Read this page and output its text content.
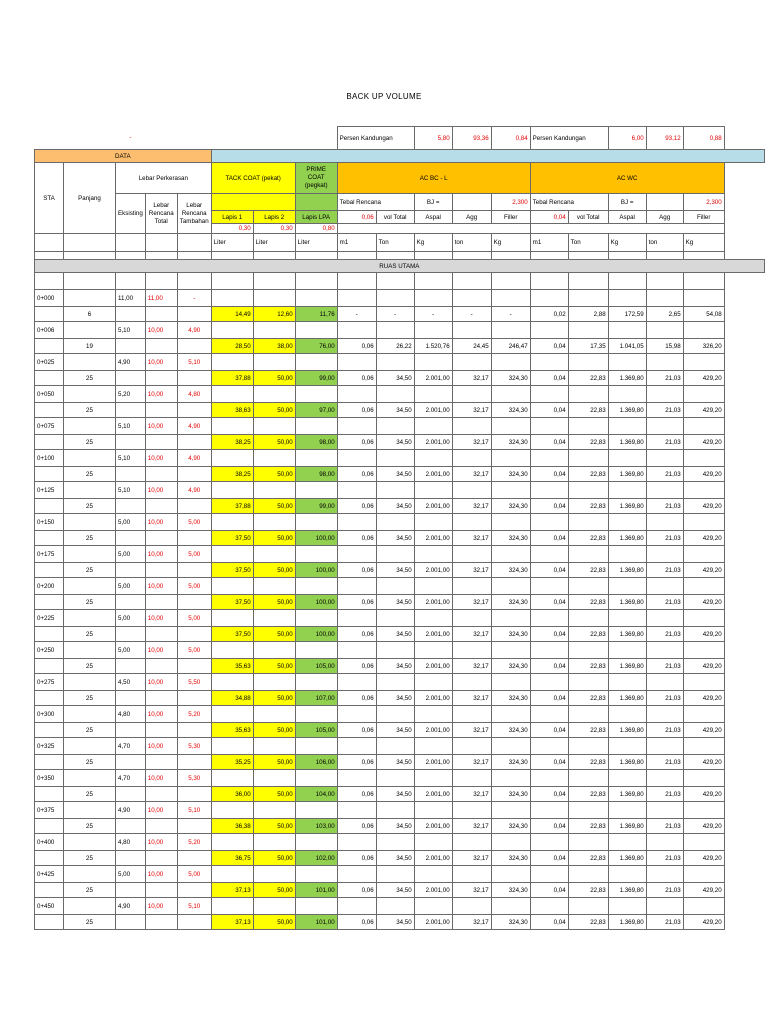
BACK UP VOLUME
		-						Persen Kandungan		5,80	93,36	0,84	Persen Kandungan		6,00	93,12	0,88	
DATA																		
STA	Panjang	Lebar Perkerasan			TACK COAT (pekat)		PRIME COAT (pegkat)	AC BC - L					AC WC					
		Eksisting	Lebar Rencana Total	Lebar Rencana Tambahan				Tebal Rencana		BJ =		2,300	Tebal Rencana		BJ =		2,300	
					Lapis 1	Lapis 2	Lapis LPA	0,06	vol Total	Aspal	Agg	Filler	0,04	vol Total	Aspal	Agg	Filler	
					0,30	0,30	0,80											
					Liter	Liter	Liter	m1	Ton	Kg	ton	Kg	m1	Ton	Kg	ton	Kg	

RUAS UTAMA																		

0+000		11,00	11,00	-														
	6				14,49	12,60	11,76	-	-	-	-	-	0,02	2,88	172,59	2,65	54,08	
0+006		5,10	10,00	4,90														
	19				28,50	38,00	76,00	0,06	26,22	1.520,76	24,45	246,47	0,04	17,35	1.041,05	15,98	326,20	
0+025		4,90	10,00	5,10														
	25				37,88	50,00	99,00	0,06	34,50	2.001,00	32,17	324,30	0,04	22,83	1.369,80	21,03	429,20	
0+050		5,20	10,00	4,80														
	25				38,63	50,00	97,00	0,06	34,50	2.001,00	32,17	324,30	0,04	22,83	1.369,80	21,03	429,20	
0+075		5,10	10,00	4,90														
	25				38,25	50,00	98,00	0,06	34,50	2.001,00	32,17	324,30	0,04	22,83	1.369,80	21,03	429,20	
0+100		5,10	10,00	4,90														
	25				38,25	50,00	98,00	0,06	34,50	2.001,00	32,17	324,30	0,04	22,83	1.369,80	21,03	429,20	
0+125		5,10	10,00	4,90														
	25				37,88	50,00	99,00	0,06	34,50	2.001,00	32,17	324,30	0,04	22,83	1.369,80	21,03	429,20	
0+150		5,00	10,00	5,00														
	25				37,50	50,00	100,00	0,06	34,50	2.001,00	32,17	324,30	0,04	22,83	1.369,80	21,03	429,20	
0+175		5,00	10,00	5,00														
	25				37,50	50,00	100,00	0,06	34,50	2.001,00	32,17	324,30	0,04	22,83	1.369,80	21,03	429,20	
0+200		5,00	10,00	5,00														
	25				37,50	50,00	100,00	0,06	34,50	2.001,00	32,17	324,30	0,04	22,83	1.369,80	21,03	429,20	
0+225		5,00	10,00	5,00														
	25				37,50	50,00	100,00	0,06	34,50	2.001,00	32,17	324,30	0,04	22,83	1.369,80	21,03	429,20	
0+250		5,00	10,00	5,00														
	25				35,63	50,00	105,00	0,06	34,50	2.001,00	32,17	324,30	0,04	22,83	1.369,80	21,03	429,20	
0+275		4,50	10,00	5,50														
	25				34,88	50,00	107,00	0,06	34,50	2.001,00	32,17	324,30	0,04	22,83	1.369,80	21,03	429,20	
0+300		4,80	10,00	5,20														
	25				35,63	50,00	105,00	0,06	34,50	2.001,00	32,17	324,30	0,04	22,83	1.369,80	21,03	429,20	
0+325		4,70	10,00	5,30														
	25				35,25	50,00	106,00	0,06	34,50	2.001,00	32,17	324,30	0,04	22,83	1.369,80	21,03	429,20	
0+350		4,70	10,00	5,30														
	25				36,00	50,00	104,00	0,06	34,50	2.001,00	32,17	324,30	0,04	22,83	1.369,80	21,03	429,20	
0+375		4,90	10,00	5,10														
	25				36,38	50,00	103,00	0,06	34,50	2.001,00	32,17	324,30	0,04	22,83	1.369,80	21,03	429,20	
0+400		4,80	10,00	5,20														
	25				36,75	50,00	102,00	0,06	34,50	2.001,00	32,17	324,30	0,04	22,83	1.369,80	21,03	429,20	
0+425		5,00	10,00	5,00														
	25				37,13	50,00	101,00	0,06	34,50	2.001,00	32,17	324,30	0,04	22,83	1.369,80	21,03	429,20	
0+450		4,90	10,00	5,10														
	25				37,13	50,00	101,00	0,06	34,50	2.001,00	32,17	324,30	0,04	22,83	1.369,80	21,03	429,20	
